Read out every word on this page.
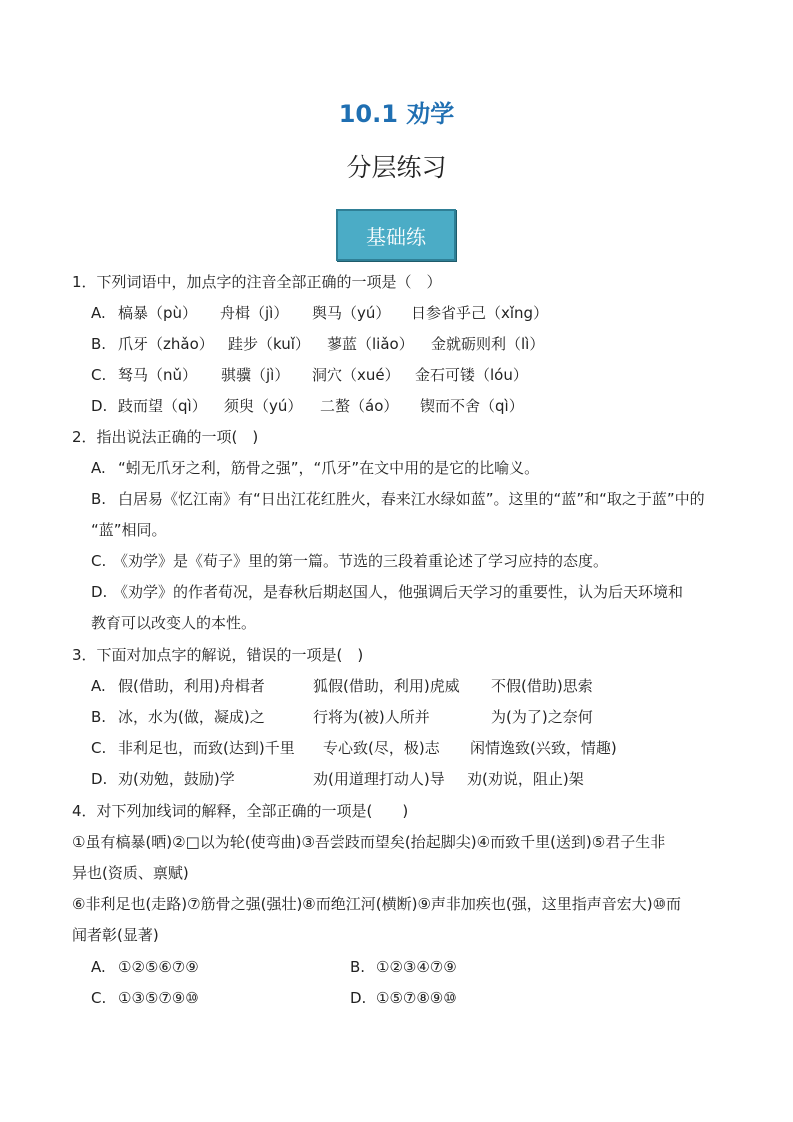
10.1 劝学
分层练习
基础练
1．下列词语中，加点字的注音全部正确的一项是（　）
A. 槁暴（pù） 舟楫（jì） 舆马（yú） 日参省乎己（xǐng）
B. 爪牙（zhǎo） 跬步（kuǐ） 蓼蓝（liǎo） 金就砺则利（lì）
C. 驽马（nǔ） 骐骥（jì） 洞穴（xué） 金石可镂（lóu）
D. 跂而望（qì） 须臾（yú） 二螯（áo） 锲而不舍（qì）
2．指出说法正确的一项(　)
A. “蚓无爪牙之利，筋骨之强”，“爪牙”在文中用的是它的比喻义。
B. 白居易《忆江南》有“日出江花红胜火，春来江水绿如蓝”。这里的“蓝”和“取之于蓝”中的
“蓝”相同。
C. 《劝学》是《荀子》里的第一篇。节选的三段着重论述了学习应持的态度。
D. 《劝学》的作者荀况，是春秋后期赵国人，他强调后天学习的重要性，认为后天环境和
教育可以改变人的本性。
3．下面对加点字的解说，错误的一项是(　)
A. 假(借助，利用)舟楫者	狐假(借助，利用)虎威 不假(借助)思索
B. 冰，水为(做，凝成)之	行将为(被)人所并	为(为了)之奈何
C. 非利足也，而致(达到)千里 专心致(尽，极)志 闲情逸致(兴致，情趣)
D. 劝(劝勉，鼓励)学	劝(用道理打动人)导 劝(劝说，阻止)架
4．对下列加线词的解释，全部正确的一项是(　　)
①虽有槁暴(晒)②□以为轮(使弯曲)③吾尝跂而望矣(抬起脚尖)④而致千里(送到)⑤君子生非
异也(资质、禀赋)
⑥非利足也(走路)⑦筋骨之强(强壮)⑧而绝江河(横断)⑨声非加疾也(强，这里指声音宏大)⑩而
闻者彰(显著)
A. ①②⑤⑥⑦⑨	B. ①②③④⑦⑨
C. ①③⑤⑦⑨⑩	D. ①⑤⑦⑧⑨⑩
